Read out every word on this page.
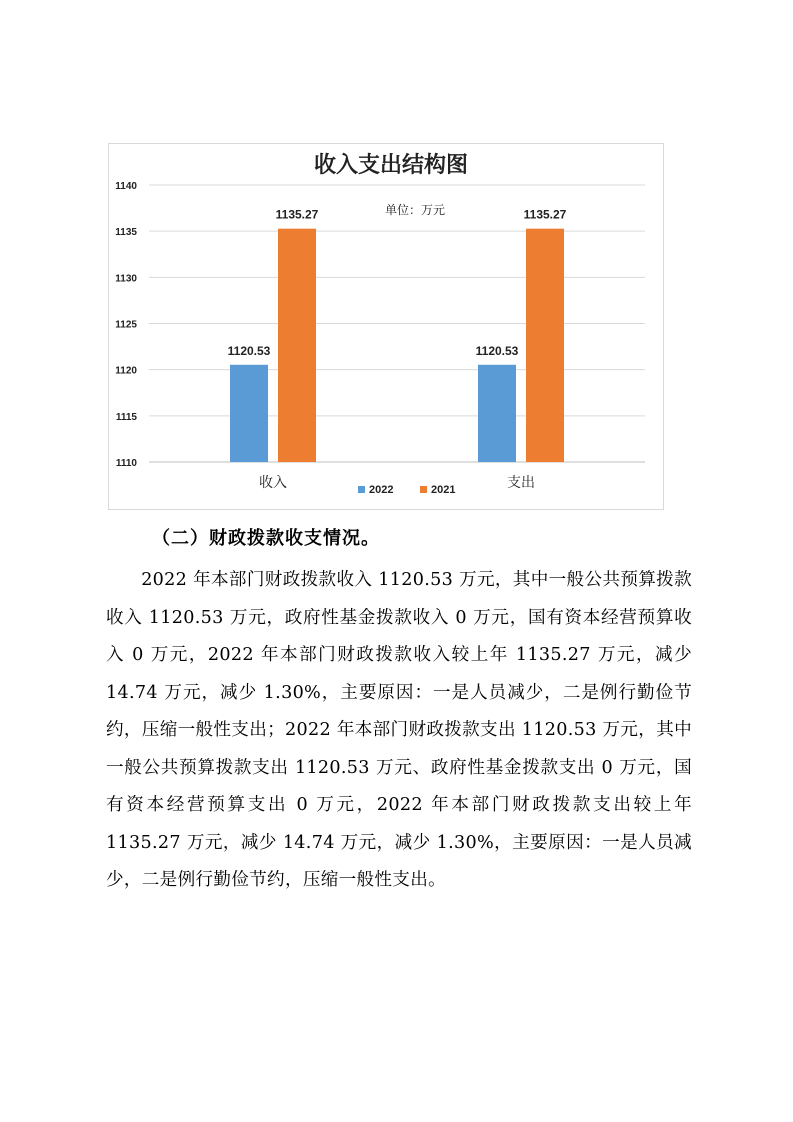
收入支出结构图
单位：万元
1140
1135
1130
1125
1120
1115
1110
1120.53
1135.27
1120.53
1135.27
收入	支出
2022	2021
（二）财政拨款收支情况。

2022 年本部门财政拨款收入 1120.53 万元，其中一般公共预算拨款收入 1120.53 万元，政府性基金拨款收入 0 万元，国有资本经营预算收入 0 万元，2022 年本部门财政拨款收入较上年 1135.27 万元，减少 14.74 万元，减少 1.30%，主要原因：一是人员减少，二是例行勤俭节约，压缩一般性支出；2022 年本部门财政拨款支出 1120.53 万元，其中一般公共预算拨款支出 1120.53 万元、政府性基金拨款支出 0 万元，国有资本经营预算支出 0 万元，2022 年本部门财政拨款支出较上年 1135.27 万元，减少 14.74 万元，减少 1.30%，主要原因：一是人员减少，二是例行勤俭节约，压缩一般性支出。
